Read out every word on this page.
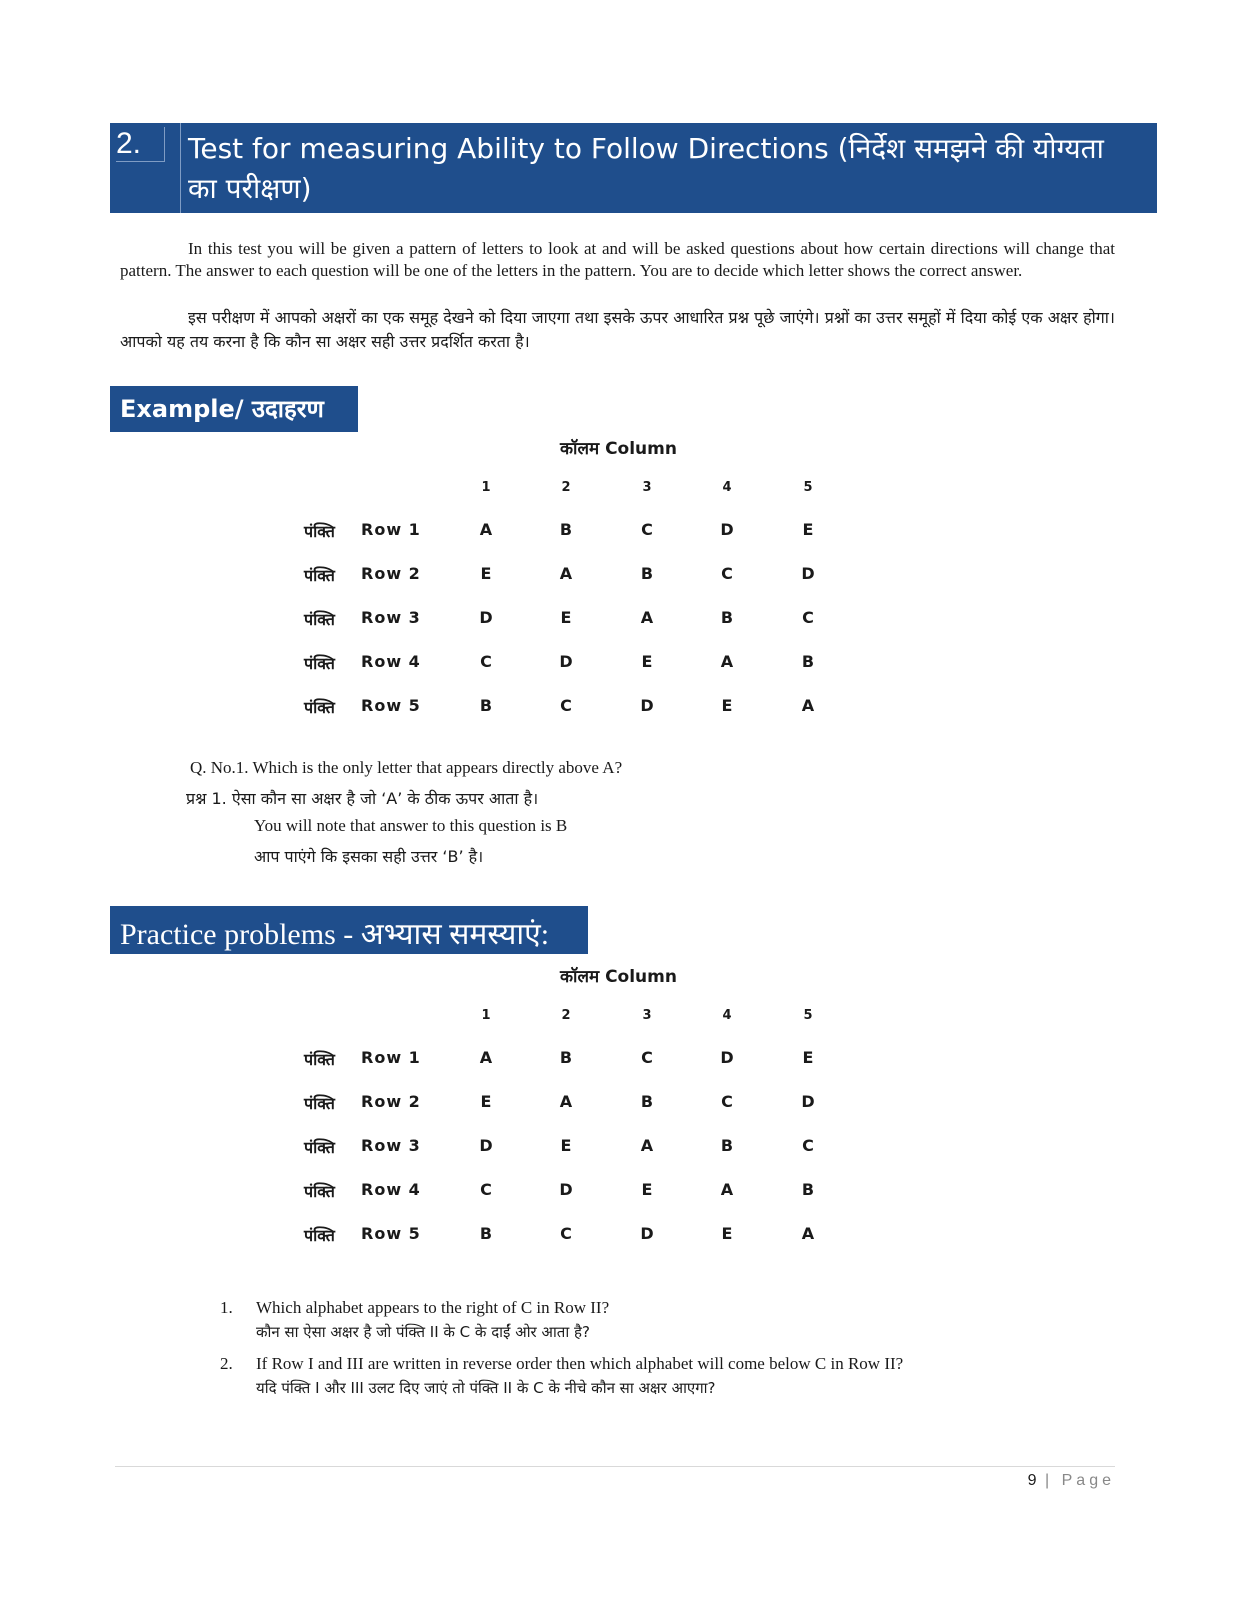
2.	Test for measuring Ability to Follow Directions (निर्देश समझने की योग्यता का परीक्षण)
In this test you will be given a pattern of letters to look at and will be asked questions about how certain directions will change that pattern. The answer to each question will be one of the letters in the pattern. You are to decide which letter shows the correct answer.
इस परीक्षण में आपको अक्षरों का एक समूह देखने को दिया जाएगा तथा इसके ऊपर आधारित प्रश्न पूछे जाएंगे। प्रश्नों का उत्तर समूहों में दिया कोई एक अक्षर होगा। आपको यह तय करना है कि कौन सा अक्षर सही उत्तर प्रदर्शित करता है।
Example/ उदाहरण
कॉलम Column
1	2	3	4	5
पंक्ति Row 1	A	B	C	D	E
पंक्ति Row 2	E	A	B	C	D
पंक्ति Row 3	D	E	A	B	C
पंक्ति Row 4	C	D	E	A	B
पंक्ति Row 5	B	C	D	E	A
Q. No.1. Which is the only letter that appears directly above A?
प्रश्न 1. ऐसा कौन सा अक्षर है जो ‘A’ के ठीक ऊपर आता है।
You will note that answer to this question is B
आप पाएंगे कि इसका सही उत्तर ‘B’ है।
Practice problems - अभ्यास समस्याएं:
कॉलम Column
1	2	3	4	5
पंक्ति Row 1	A	B	C	D	E
पंक्ति Row 2	E	A	B	C	D
पंक्ति Row 3	D	E	A	B	C
पंक्ति Row 4	C	D	E	A	B
पंक्ति Row 5	B	C	D	E	A
1. Which alphabet appears to the right of C in Row II?
कौन सा ऐसा अक्षर है जो पंक्ति II के C के दाईं ओर आता है?
2. If Row I and III are written in reverse order then which alphabet will come below C in Row II?
यदि पंक्ति I और III उलट दिए जाएं तो पंक्ति II के C के नीचे कौन सा अक्षर आएगा?
9 | Page
